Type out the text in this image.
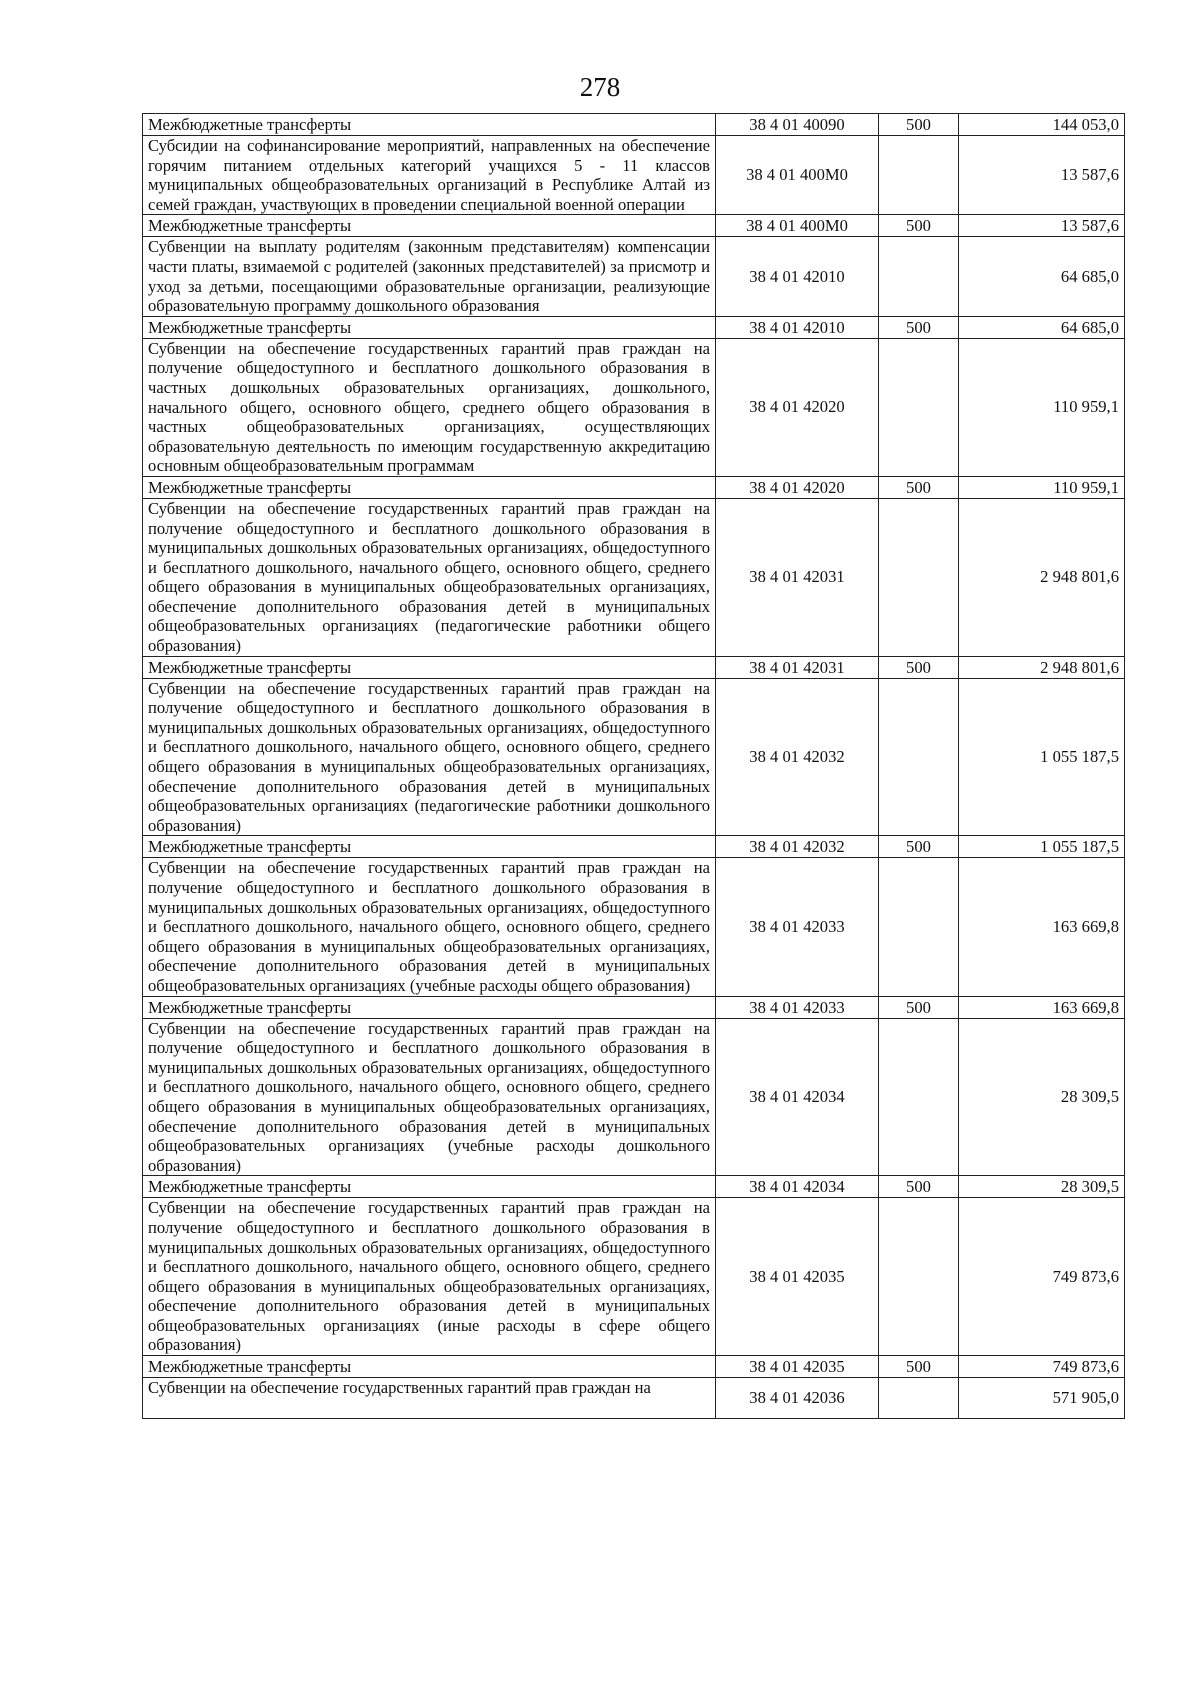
278
Межбюджетные трансферты	38 4 01 40090	500	144 053,0
Субсидии на софинансирование мероприятий, направленных на обеспечение горячим питанием отдельных категорий учащихся 5 - 11 классов муниципальных общеобразовательных организаций в Республике Алтай из семей граждан, участвующих в проведении специальной военной операции	38 4 01 400М0		13 587,6
Межбюджетные трансферты	38 4 01 400М0	500	13 587,6
Субвенции на выплату родителям (законным представителям) компенсации части платы, взимаемой с родителей (законных представителей) за присмотр и уход за детьми, посещающими образовательные организации, реализующие образовательную программу дошкольного образования	38 4 01 42010		64 685,0
Межбюджетные трансферты	38 4 01 42010	500	64 685,0
Субвенции на обеспечение государственных гарантий прав граждан на получение общедоступного и бесплатного дошкольного образования в частных дошкольных образовательных организациях, дошкольного, начального общего, основного общего, среднего общего образования в частных общеобразовательных организациях, осуществляющих образовательную деятельность по имеющим государственную аккредитацию основным общеобразовательным программам	38 4 01 42020		110 959,1
Межбюджетные трансферты	38 4 01 42020	500	110 959,1
Субвенции на обеспечение государственных гарантий прав граждан на получение общедоступного и бесплатного дошкольного образования в муниципальных дошкольных образовательных организациях, общедоступного и бесплатного дошкольного, начального общего, основного общего, среднего общего образования в муниципальных общеобразовательных организациях, обеспечение дополнительного образования детей в муниципальных общеобразовательных организациях (педагогические работники общего образования)	38 4 01 42031		2 948 801,6
Межбюджетные трансферты	38 4 01 42031	500	2 948 801,6
Субвенции на обеспечение государственных гарантий прав граждан на получение общедоступного и бесплатного дошкольного образования в муниципальных дошкольных образовательных организациях, общедоступного и бесплатного дошкольного, начального общего, основного общего, среднего общего образования в муниципальных общеобразовательных организациях, обеспечение дополнительного образования детей в муниципальных общеобразовательных организациях (педагогические работники дошкольного образования)	38 4 01 42032		1 055 187,5
Межбюджетные трансферты	38 4 01 42032	500	1 055 187,5
Субвенции на обеспечение государственных гарантий прав граждан на получение общедоступного и бесплатного дошкольного образования в муниципальных дошкольных образовательных организациях, общедоступного и бесплатного дошкольного, начального общего, основного общего, среднего общего образования в муниципальных общеобразовательных организациях, обеспечение дополнительного образования детей в муниципальных общеобразовательных организациях (учебные расходы общего образования)	38 4 01 42033		163 669,8
Межбюджетные трансферты	38 4 01 42033	500	163 669,8
Субвенции на обеспечение государственных гарантий прав граждан на получение общедоступного и бесплатного дошкольного образования в муниципальных дошкольных образовательных организациях, общедоступного и бесплатного дошкольного, начального общего, основного общего, среднего общего образования в муниципальных общеобразовательных организациях, обеспечение дополнительного образования детей в муниципальных общеобразовательных организациях (учебные расходы дошкольного образования)	38 4 01 42034		28 309,5
Межбюджетные трансферты	38 4 01 42034	500	28 309,5
Субвенции на обеспечение государственных гарантий прав граждан на получение общедоступного и бесплатного дошкольного образования в муниципальных дошкольных образовательных организациях, общедоступного и бесплатного дошкольного, начального общего, основного общего, среднего общего образования в муниципальных общеобразовательных организациях, обеспечение дополнительного образования детей в муниципальных общеобразовательных организациях (иные расходы в сфере общего образования)	38 4 01 42035		749 873,6
Межбюджетные трансферты	38 4 01 42035	500	749 873,6
Субвенции на обеспечение государственных гарантий прав граждан на	38 4 01 42036		571 905,0
